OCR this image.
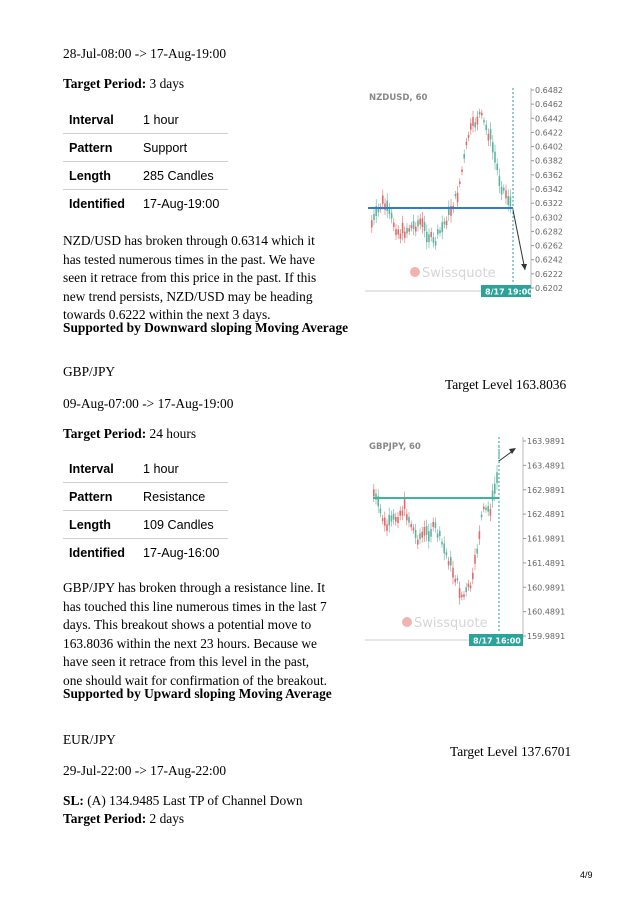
28-Jul-08:00 -> 17-Aug-19:00
Target Period: 3 days
Interval	1 hour
Pattern	Support
Length	285 Candles
Identified	17-Aug-19:00
NZD/USD has broken through 0.6314 which it
has tested numerous times in the past. We have
seen it retrace from this price in the past. If this
new trend persists, NZD/USD may be heading
towards 0.6222 within the next 3 days.
Supported by Downward sloping Moving Average
NZDUSD, 60
0.6482
0.6462
0.6442
0.6422
0.6402
0.6382
0.6362
0.6342
0.6322
0.6302
0.6282
0.6262
0.6242
0.6222
0.6202
Swissquote
8/17 19:00
GBP/JPY
Target Level 163.8036
09-Aug-07:00 -> 17-Aug-19:00
Target Period: 24 hours
Interval	1 hour
Pattern	Resistance
Length	109 Candles
Identified	17-Aug-16:00
GBP/JPY has broken through a resistance line. It
has touched this line numerous times in the last 7
days. This breakout shows a potential move to
163.8036 within the next 23 hours. Because we
have seen it retrace from this level in the past,
one should wait for confirmation of the breakout.
Supported by Upward sloping Moving Average
GBPJPY, 60
163.9891
163.4891
162.9891
162.4891
161.9891
161.4891
160.9891
160.4891
159.9891
Swissquote
8/17 16:00
EUR/JPY
Target Level 137.6701
29-Jul-22:00 -> 17-Aug-22:00
SL: (A) 134.9485 Last TP of Channel Down
Target Period: 2 days
4/9
